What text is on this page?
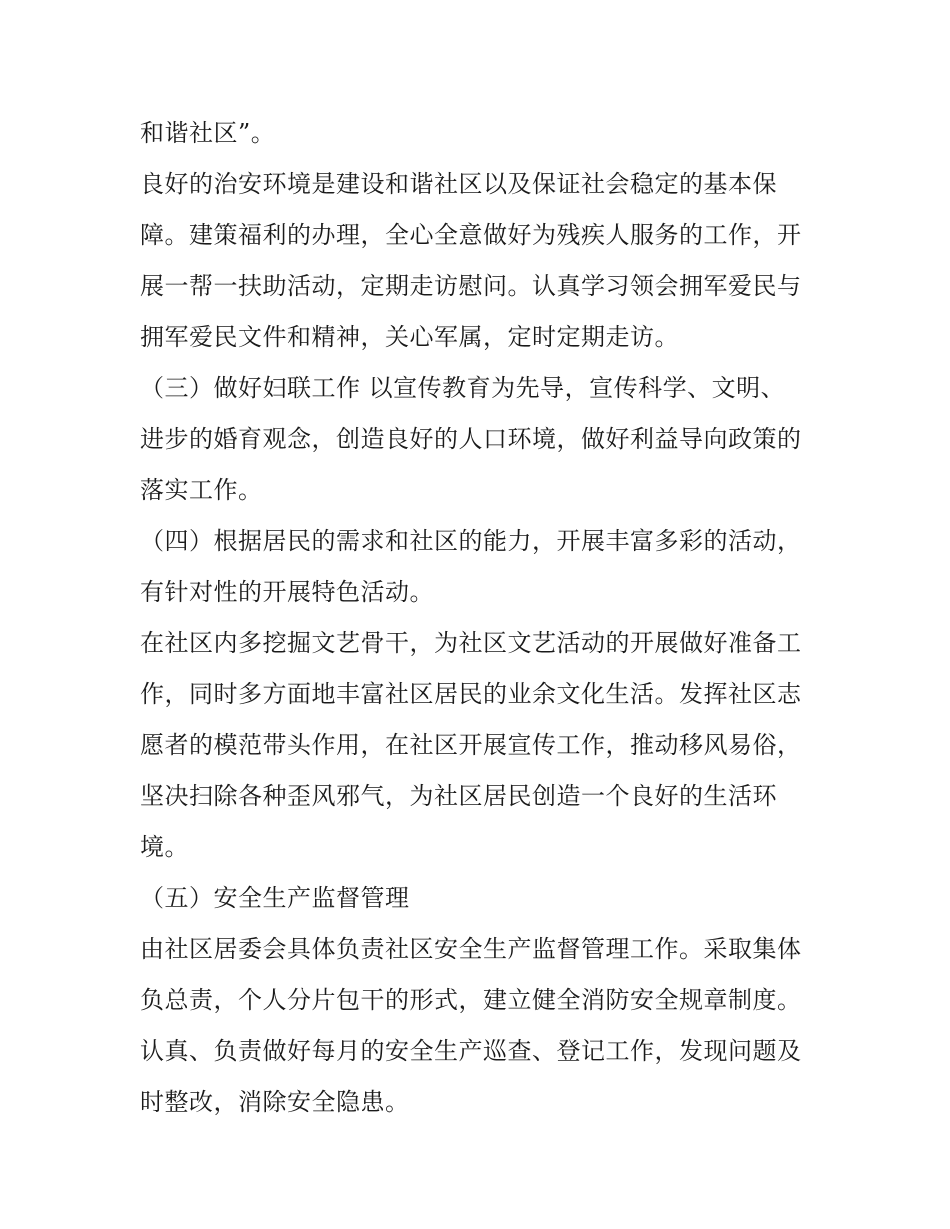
和谐社区”。
良好的治安环境是建设和谐社区以及保证社会稳定的基本保
障。建策福利的办理，全心全意做好为残疾人服务的工作，开
展一帮一扶助活动，定期走访慰问。认真学习领会拥军爱民与
拥军爱民文件和精神，关心军属，定时定期走访。
（三）做好妇联工作 以宣传教育为先导，宣传科学、文明、
进步的婚育观念，创造良好的人口环境，做好利益导向政策的
落实工作。
（四）根据居民的需求和社区的能力，开展丰富多彩的活动，
有针对性的开展特色活动。
在社区内多挖掘文艺骨干，为社区文艺活动的开展做好准备工
作，同时多方面地丰富社区居民的业余文化生活。发挥社区志
愿者的模范带头作用，在社区开展宣传工作，推动移风易俗，
坚决扫除各种歪风邪气，为社区居民创造一个良好的生活环
境。
（五）安全生产监督管理
由社区居委会具体负责社区安全生产监督管理工作。采取集体
负总责，个人分片包干的形式，建立健全消防安全规章制度。
认真、负责做好每月的安全生产巡查、登记工作，发现问题及
时整改，消除安全隐患。
